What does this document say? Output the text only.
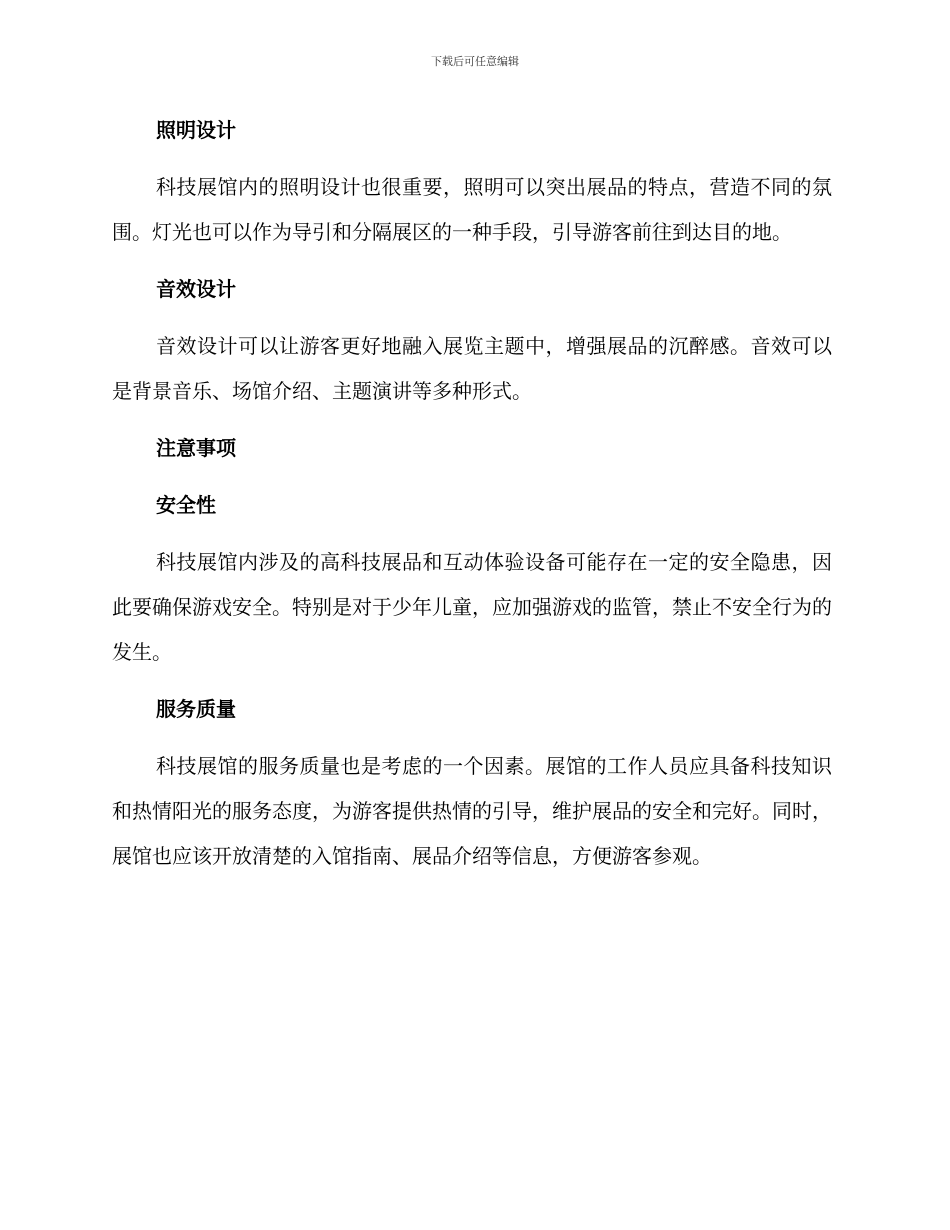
下载后可任意编辑
照明设计

科技展馆内的照明设计也很重要，照明可以突出展品的特点，营造不同的氛围。灯光也可以作为导引和分隔展区的一种手段，引导游客前往到达目的地。

音效设计

音效设计可以让游客更好地融入展览主题中，增强展品的沉醉感。音效可以是背景音乐、场馆介绍、主题演讲等多种形式。

注意事项
安全性

科技展馆内涉及的高科技展品和互动体验设备可能存在一定的安全隐患，因此要确保游戏安全。特别是对于少年儿童，应加强游戏的监管，禁止不安全行为的发生。

服务质量

科技展馆的服务质量也是考虑的一个因素。展馆的工作人员应具备科技知识和热情阳光的服务态度，为游客提供热情的引导，维护展品的安全和完好。同时，展馆也应该开放清楚的入馆指南、展品介绍等信息，方便游客参观。
